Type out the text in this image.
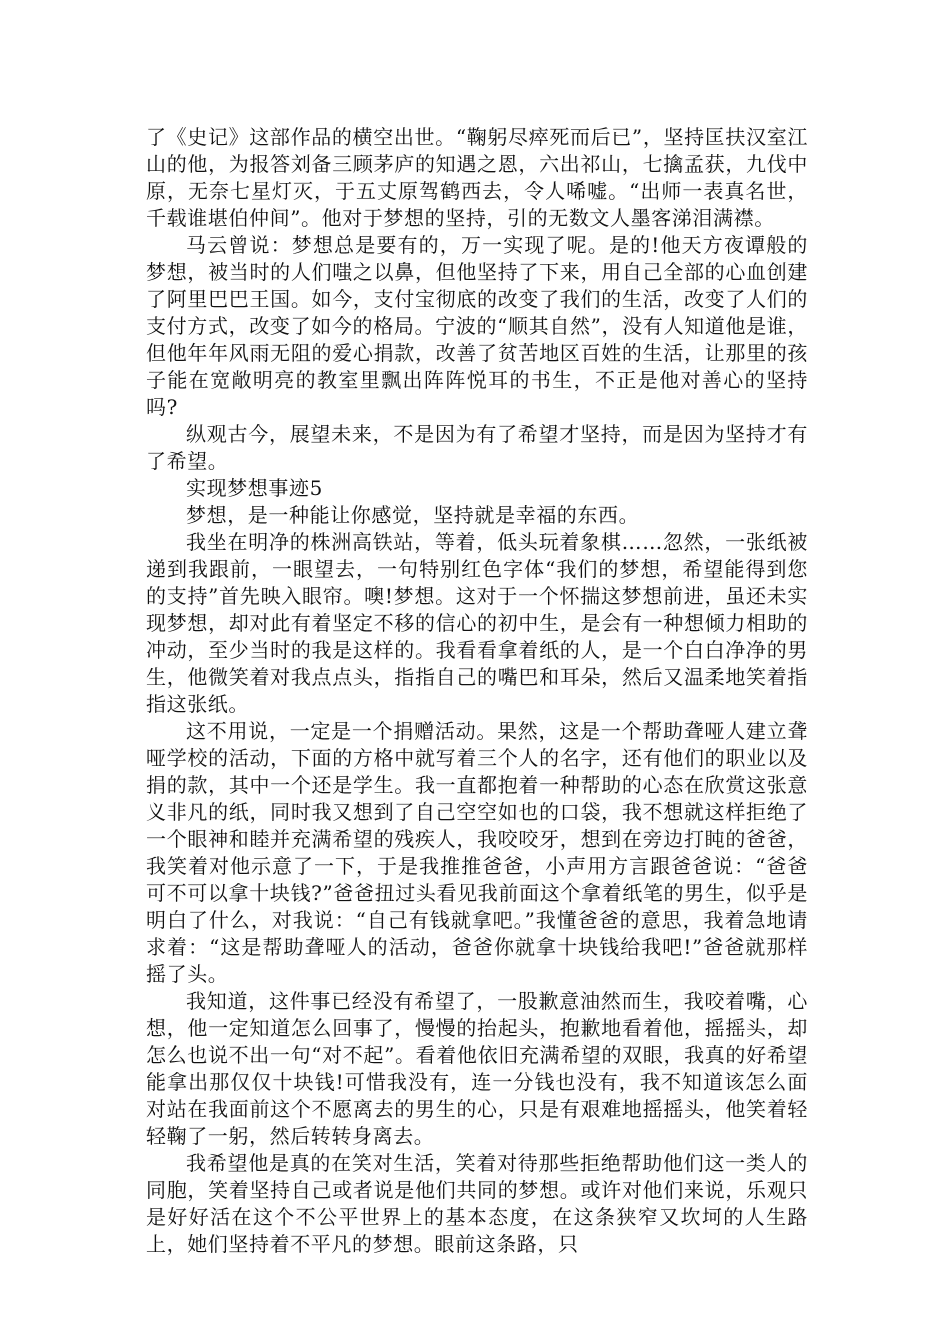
了《史记》这部作品的横空出世。“鞠躬尽瘁死而后已”，坚持匡扶汉室江山的他，为报答刘备三顾茅庐的知遇之恩，六出祁山，七擒孟获，九伐中原，无奈七星灯灭，于五丈原驾鹤西去，令人唏嘘。“出师一表真名世，千载谁堪伯仲间”。他对于梦想的坚持，引的无数文人墨客涕泪满襟。

马云曾说：梦想总是要有的，万一实现了呢。是的!他天方夜谭般的梦想，被当时的人们嗤之以鼻，但他坚持了下来，用自己全部的心血创建了阿里巴巴王国。如今，支付宝彻底的改变了我们的生活，改变了人们的支付方式，改变了如今的格局。宁波的“顺其自然”，没有人知道他是谁，但他年年风雨无阻的爱心捐款，改善了贫苦地区百姓的生活，让那里的孩子能在宽敞明亮的教室里飘出阵阵悦耳的书生，不正是他对善心的坚持吗?

纵观古今，展望未来，不是因为有了希望才坚持，而是因为坚持才有了希望。

实现梦想事迹5

梦想，是一种能让你感觉，坚持就是幸福的东西。

我坐在明净的株洲高铁站，等着，低头玩着象棋……忽然，一张纸被递到我跟前，一眼望去，一句特别红色字体“我们的梦想，希望能得到您的支持”首先映入眼帘。噢!梦想。这对于一个怀揣这梦想前进，虽还未实现梦想，却对此有着坚定不移的信心的初中生，是会有一种想倾力相助的冲动，至少当时的我是这样的。我看看拿着纸的人，是一个白白净净的男生，他微笑着对我点点头，指指自己的嘴巴和耳朵，然后又温柔地笑着指指这张纸。

这不用说，一定是一个捐赠活动。果然，这是一个帮助聋哑人建立聋哑学校的活动，下面的方格中就写着三个人的名字，还有他们的职业以及捐的款，其中一个还是学生。我一直都抱着一种帮助的心态在欣赏这张意义非凡的纸，同时我又想到了自己空空如也的口袋，我不想就这样拒绝了一个眼神和睦并充满希望的残疾人，我咬咬牙，想到在旁边打盹的爸爸，我笑着对他示意了一下，于是我推推爸爸，小声用方言跟爸爸说：“爸爸可不可以拿十块钱?”爸爸扭过头看见我前面这个拿着纸笔的男生，似乎是明白了什么，对我说：“自己有钱就拿吧。”我懂爸爸的意思，我着急地请求着：“这是帮助聋哑人的活动，爸爸你就拿十块钱给我吧!”爸爸就那样摇了头。

我知道，这件事已经没有希望了，一股歉意油然而生，我咬着嘴，心想，他一定知道怎么回事了，慢慢的抬起头，抱歉地看着他，摇摇头，却怎么也说不出一句“对不起”。看着他依旧充满希望的双眼，我真的好希望能拿出那仅仅十块钱!可惜我没有，连一分钱也没有，我不知道该怎么面对站在我面前这个不愿离去的男生的心，只是有艰难地摇摇头，他笑着轻轻鞠了一躬，然后转转身离去。

我希望他是真的在笑对生活，笑着对待那些拒绝帮助他们这一类人的同胞，笑着坚持自己或者说是他们共同的梦想。或许对他们来说，乐观只是好好活在这个不公平世界上的基本态度，在这条狭窄又坎坷的人生路上，她们坚持着不平凡的梦想。眼前这条路，只
